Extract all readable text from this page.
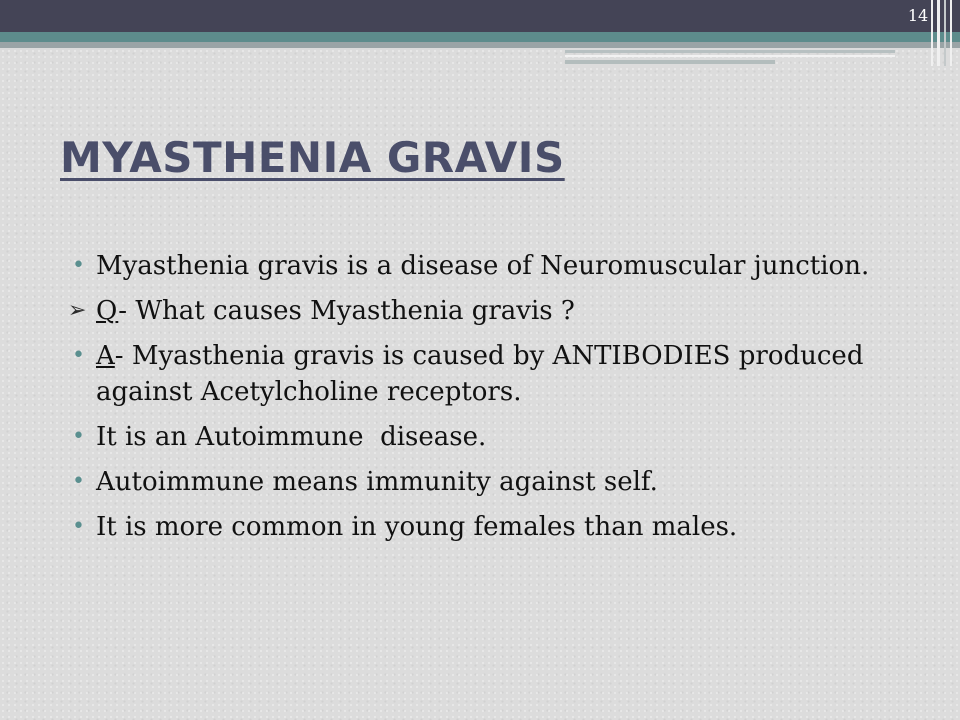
14
MYASTHENIA GRAVIS
• Myasthenia gravis is a disease of Neuromuscular junction.
➢ Q- What causes Myasthenia gravis ?
• A- Myasthenia gravis is caused by ANTIBODIES produced against Acetylcholine receptors.
• It is an Autoimmune  disease.
• Autoimmune means immunity against self.
• It is more common in young females than males.
